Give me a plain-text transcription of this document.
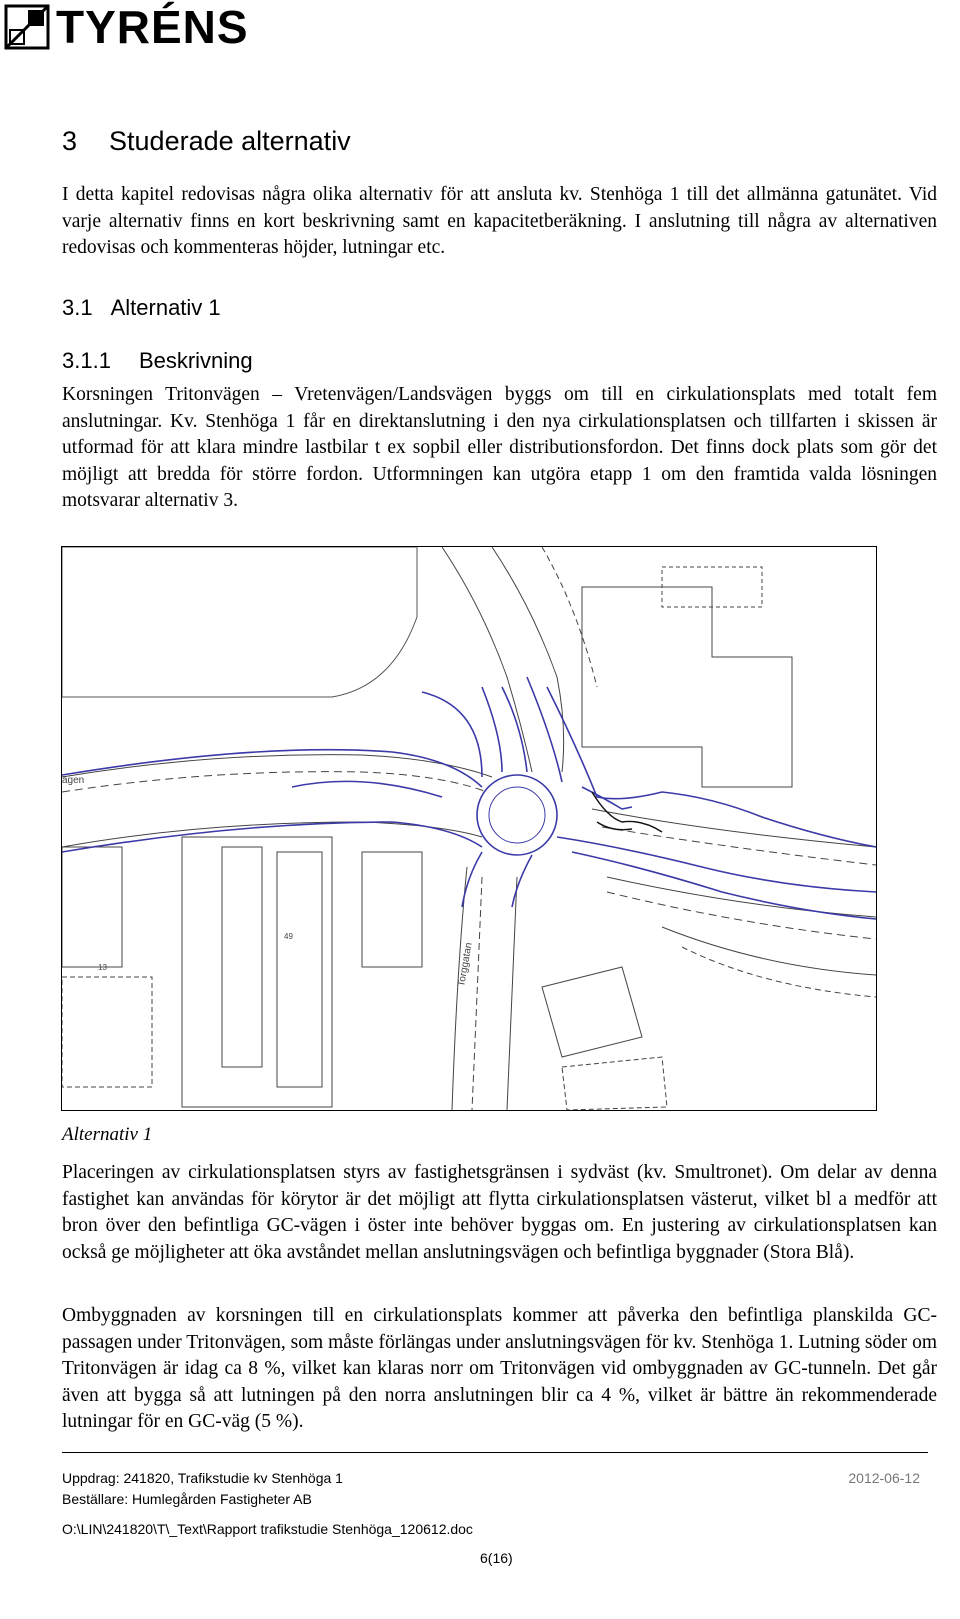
TYRÉNS
3 Studerade alternativ

I detta kapitel redovisas några olika alternativ för att ansluta kv. Stenhöga 1 till det allmänna gatunätet. Vid varje alternativ finns en kort beskrivning samt en kapacitetberäkning. I anslutning till några av alternativen redovisas och kommenteras höjder, lutningar etc.

3.1 Alternativ 1
3.1.1 Beskrivning

Korsningen Tritonvägen – Vretenvägen/Landsvägen byggs om till en cirkulationsplats med totalt fem anslutningar. Kv. Stenhöga 1 får en direktanslutning i den nya cirkulationsplatsen och tillfarten i skissen är utformad för att klara mindre lastbilar t ex sopbil eller distributionsfordon. Det finns dock plats som gör det möjligt att bredda för större fordon. Utformningen kan utgöra etapp 1 om den framtida valda lösningen motsvarar alternativ 3.

ägen
Torggatan
13
49
Alternativ 1

Placeringen av cirkulationsplatsen styrs av fastighetsgränsen i sydväst (kv. Smultronet). Om delar av denna fastighet kan användas för körytor är det möjligt att flytta cirkulationsplatsen västerut, vilket bl a medför att bron över den befintliga GC-vägen i öster inte behöver byggas om. En justering av cirkulationsplatsen kan också ge möjligheter att öka avståndet mellan anslutningsvägen och befintliga byggnader (Stora Blå).

Ombyggnaden av korsningen till en cirkulationsplats kommer att påverka den befintliga planskilda GC-passagen under Tritonvägen, som måste förlängas under anslutningsvägen för kv. Stenhöga 1. Lutning söder om Tritonvägen är idag ca 8 %, vilket kan klaras norr om Tritonvägen vid ombyggnaden av GC-tunneln. Det går även att bygga så att lutningen på den norra anslutningen blir ca 4 %, vilket är bättre än rekommenderade lutningar för en GC-väg (5 %).

Uppdrag: 241820, Trafikstudie kv Stenhöga 1
Beställare: Humlegården Fastigheter AB
2012-06-12
O:\LIN\241820\T\_Text\Rapport trafikstudie Stenhöga_120612.doc
6(16)
